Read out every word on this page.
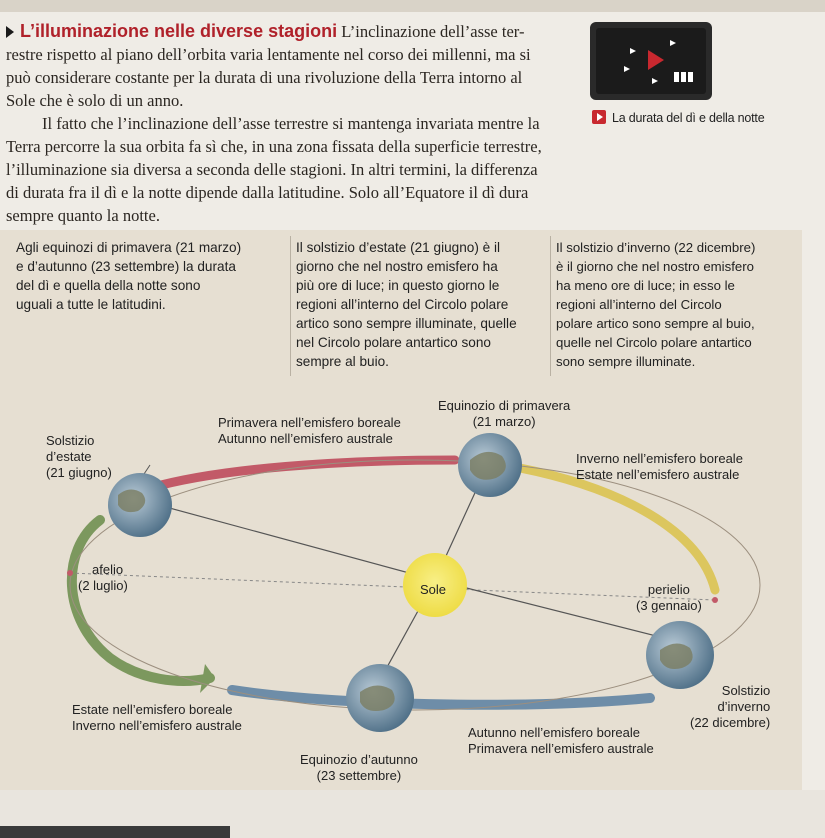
L’illuminazione nelle diverse stagioni L’inclinazione dell’asse ter-
restre rispetto al piano dell’orbita varia lentamente nel corso dei millenni, ma si
può considerare costante per la durata di una rivoluzione della Terra intorno al
Sole che è solo di un anno.
Il fatto che l’inclinazione dell’asse terrestre si mantenga invariata mentre la
Terra percorre la sua orbita fa sì che, in una zona fissata della superficie terrestre,
l’illuminazione sia diversa a seconda delle stagioni. In altri termini, la differenza
di durata fra il dì e la notte dipende dalla latitudine. Solo all’Equatore il dì dura
sempre quanto la notte.
La durata del dì e della notte
Agli equinozi di primavera (21 marzo)
e d’autunno (23 settembre) la durata
del dì e quella della notte sono
uguali a tutte le latitudini.
Il solstizio d’estate (21 giugno) è il
giorno che nel nostro emisfero ha
più ore di luce; in questo giorno le
regioni all’interno del Circolo polare
artico sono sempre illuminate, quelle
nel Circolo polare antartico sono
sempre al buio.
Il solstizio d’inverno (22 dicembre)
è il giorno che nel nostro emisfero
ha meno ore di luce; in esso le
regioni all’interno del Circolo
polare artico sono sempre al buio,
quelle nel Circolo polare antartico
sono sempre illuminate.
Equinozio di primavera
(21 marzo)
Primavera nell’emisfero boreale
Autunno nell’emisfero australe
Solstizio
d’estate
(21 giugno)
Inverno nell’emisfero boreale
Estate nell’emisfero australe
afelio
(2 luglio)	Sole	perielio
(3 gennaio)
Solstizio
d’inverno
(22 dicembre)
Estate nell’emisfero boreale
Inverno nell’emisfero australe	Autunno nell’emisfero boreale
Primavera nell’emisfero australe
Equinozio d’autunno
(23 settembre)
